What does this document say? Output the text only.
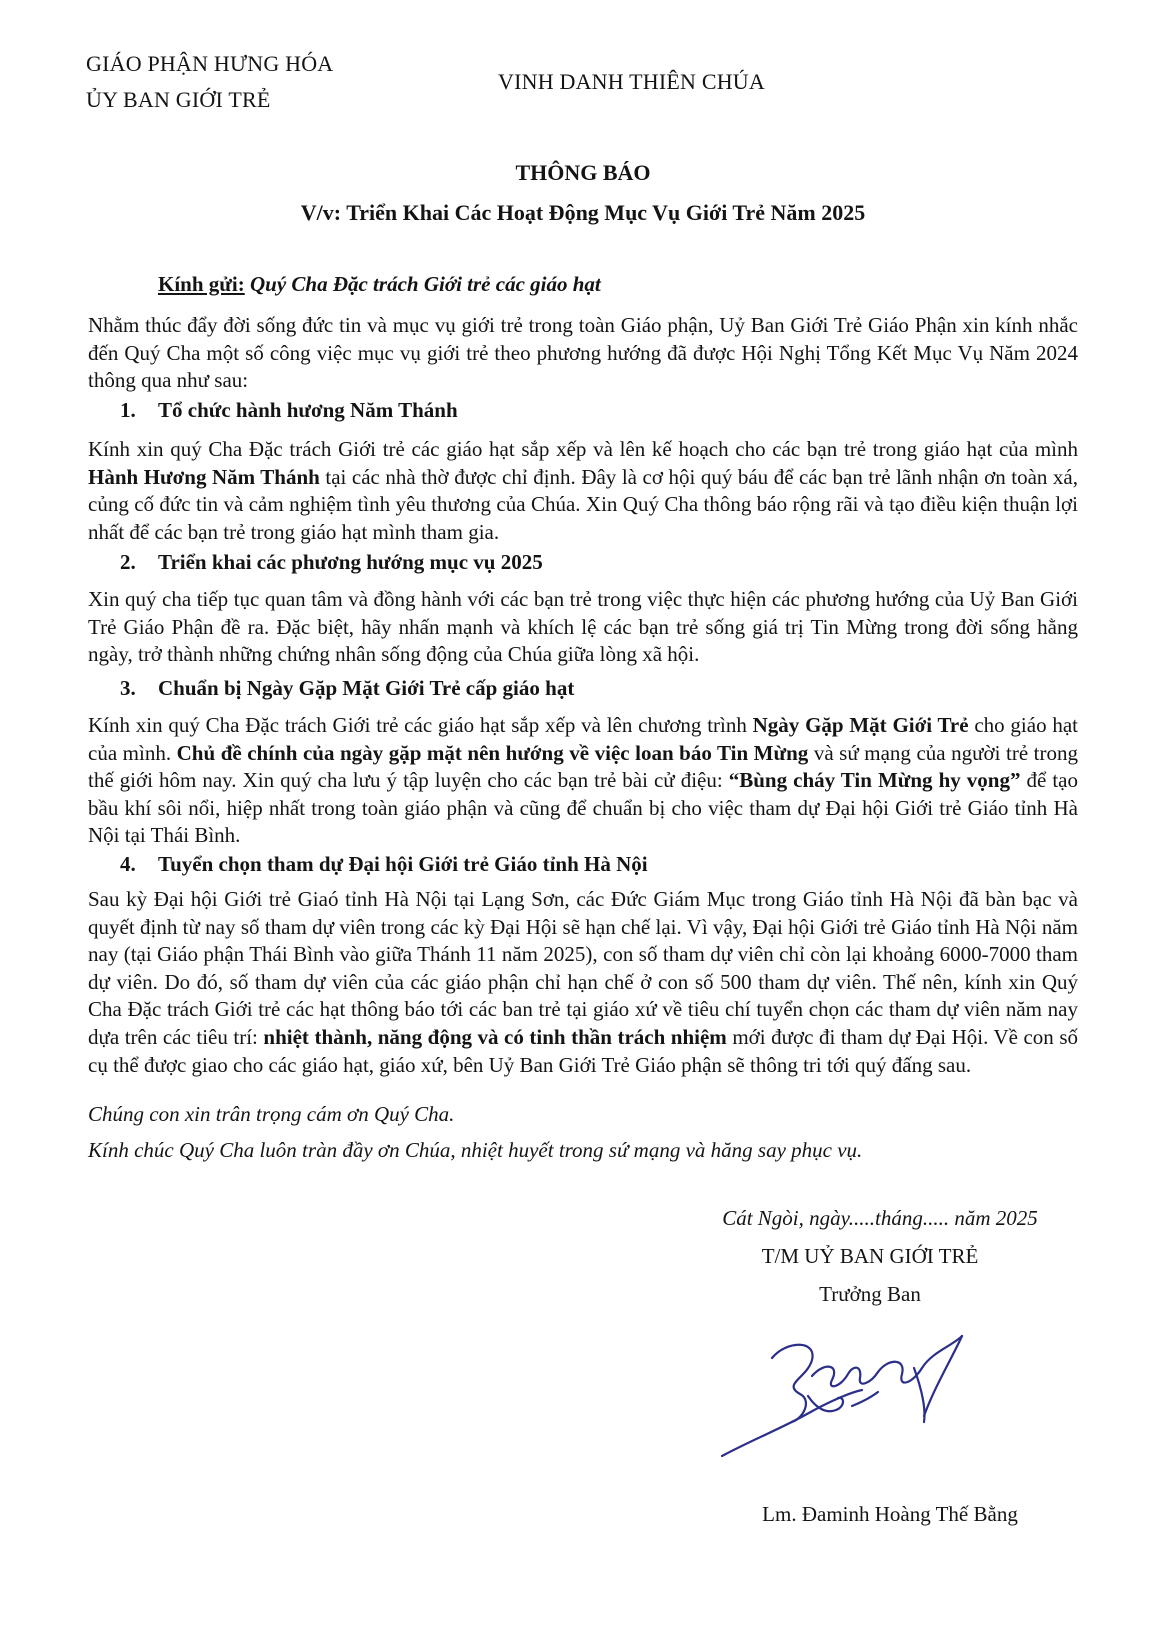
GIÁO PHẬN HƯNG HÓA
ỦY BAN GIỚI TRẺ
VINH DANH THIÊN CHÚA
THÔNG BÁO
V/v: Triển Khai Các Hoạt Động Mục Vụ Giới Trẻ Năm 2025
Kính gửi: Quý Cha Đặc trách Giới trẻ các giáo hạt

Nhằm thúc đẩy đời sống đức tin và mục vụ giới trẻ trong toàn Giáo phận, Uỷ Ban Giới Trẻ Giáo Phận xin kính nhắc đến Quý Cha một số công việc mục vụ giới trẻ theo phương hướng đã được Hội Nghị Tổng Kết Mục Vụ Năm 2024 thông qua như sau:

1. Tổ chức hành hương Năm Thánh

Kính xin quý Cha Đặc trách Giới trẻ các giáo hạt sắp xếp và lên kế hoạch cho các bạn trẻ trong giáo hạt của mình Hành Hương Năm Thánh tại các nhà thờ được chỉ định. Đây là cơ hội quý báu để các bạn trẻ lãnh nhận ơn toàn xá, củng cố đức tin và cảm nghiệm tình yêu thương của Chúa. Xin Quý Cha thông báo rộng rãi và tạo điều kiện thuận lợi nhất để các bạn trẻ trong giáo hạt mình tham gia.

2. Triển khai các phương hướng mục vụ 2025

Xin quý cha tiếp tục quan tâm và đồng hành với các bạn trẻ trong việc thực hiện các phương hướng của Uỷ Ban Giới Trẻ Giáo Phận đề ra. Đặc biệt, hãy nhấn mạnh và khích lệ các bạn trẻ sống giá trị Tin Mừng trong đời sống hằng ngày, trở thành những chứng nhân sống động của Chúa giữa lòng xã hội.

3. Chuẩn bị Ngày Gặp Mặt Giới Trẻ cấp giáo hạt

Kính xin quý Cha Đặc trách Giới trẻ các giáo hạt sắp xếp và lên chương trình Ngày Gặp Mặt Giới Trẻ cho giáo hạt của mình. Chủ đề chính của ngày gặp mặt nên hướng về việc loan báo Tin Mừng và sứ mạng của người trẻ trong thế giới hôm nay. Xin quý cha lưu ý tập luyện cho các bạn trẻ bài cử điệu: “Bùng cháy Tin Mừng hy vọng” để tạo bầu khí sôi nổi, hiệp nhất trong toàn giáo phận và cũng để chuẩn bị cho việc tham dự Đại hội Giới trẻ Giáo tỉnh Hà Nội tại Thái Bình.

4. Tuyển chọn tham dự Đại hội Giới trẻ Giáo tỉnh Hà Nội

Sau kỳ Đại hội Giới trẻ Giaó tỉnh Hà Nội tại Lạng Sơn, các Đức Giám Mục trong Giáo tỉnh Hà Nội đã bàn bạc và quyết định từ nay số tham dự viên trong các kỳ Đại Hội sẽ hạn chế lại. Vì vậy, Đại hội Giới trẻ Giáo tỉnh Hà Nội năm nay (tại Giáo phận Thái Bình vào giữa Thánh 11 năm 2025), con số tham dự viên chỉ còn lại khoảng 6000-7000 tham dự viên. Do đó, số tham dự viên của các giáo phận chỉ hạn chế ở con số 500 tham dự viên. Thế nên, kính xin Quý Cha Đặc trách Giới trẻ các hạt thông báo tới các ban trẻ tại giáo xứ về tiêu chí tuyển chọn các tham dự viên năm nay dựa trên các tiêu trí: nhiệt thành, năng động và có tinh thần trách nhiệm mới được đi tham dự Đại Hội. Về con số cụ thể được giao cho các giáo hạt, giáo xứ, bên Uỷ Ban Giới Trẻ Giáo phận sẽ thông tri tới quý đấng sau.

Chúng con xin trân trọng cám ơn Quý Cha.
Kính chúc Quý Cha luôn tràn đầy ơn Chúa, nhiệt huyết trong sứ mạng và hăng say phục vụ.
Cát Ngòi, ngày.....tháng..... năm 2025
T/M UỶ BAN GIỚI TRẺ
Trưởng Ban
Lm. Đaminh Hoàng Thế Bằng
